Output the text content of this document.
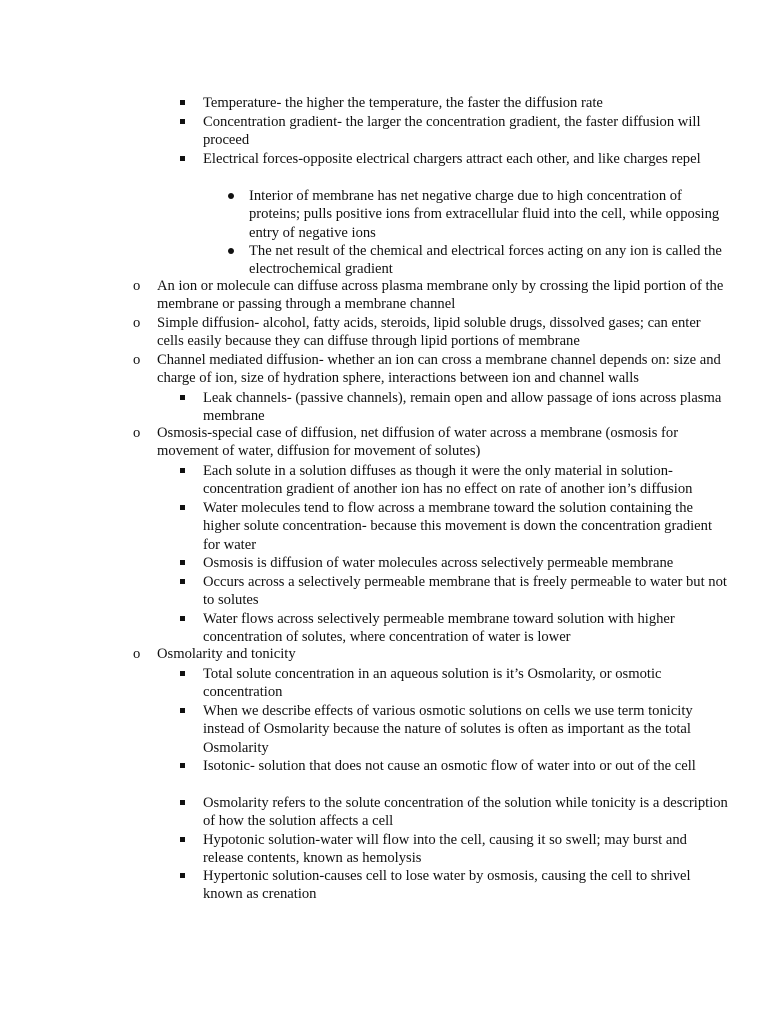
Temperature- the higher the temperature, the faster the diffusion rate
Concentration gradient- the larger the concentration gradient, the faster diffusion will proceed
Electrical forces-opposite electrical chargers attract each other, and like charges repel
Interior of membrane has net negative charge due to high concentration of proteins; pulls positive ions from extracellular fluid into the cell, while opposing entry of negative ions
The net result of the chemical and electrical forces acting on any ion is called the electrochemical gradient
o An ion or molecule can diffuse across plasma membrane only by crossing the lipid portion of the membrane or passing through a membrane channel
o Simple diffusion- alcohol, fatty acids, steroids, lipid soluble drugs, dissolved gases; can enter cells easily because they can diffuse through lipid portions of membrane
o Channel mediated diffusion- whether an ion can cross a membrane channel depends on: size and charge of ion, size of hydration sphere, interactions between ion and channel walls
Leak channels- (passive channels), remain open and allow passage of ions across plasma membrane
o Osmosis-special case of diffusion, net diffusion of water across a membrane (osmosis for movement of water, diffusion for movement of solutes)
Each solute in a solution diffuses as though it were the only material in solution- concentration gradient of another ion has no effect on rate of another ion’s diffusion
Water molecules tend to flow across a membrane toward the solution containing the higher solute concentration- because this movement is down the concentration gradient for water
Osmosis is diffusion of water molecules across selectively permeable membrane
Occurs across a selectively permeable membrane that is freely permeable to water but not to solutes
Water flows across selectively permeable membrane toward solution with higher concentration of solutes, where concentration of water is lower
o Osmolarity and tonicity
Total solute concentration in an aqueous solution is it’s Osmolarity, or osmotic concentration
When we describe effects of various osmotic solutions on cells we use term tonicity instead of Osmolarity because the nature of solutes is often as important as the total Osmolarity
Isotonic- solution that does not cause an osmotic flow of water into or out of the cell
Osmolarity refers to the solute concentration of the solution while tonicity is a description of how the solution affects a cell
Hypotonic solution-water will flow into the cell, causing it so swell; may burst and release contents, known as hemolysis
Hypertonic solution-causes cell to lose water by osmosis, causing the cell to shrivel known as crenation
